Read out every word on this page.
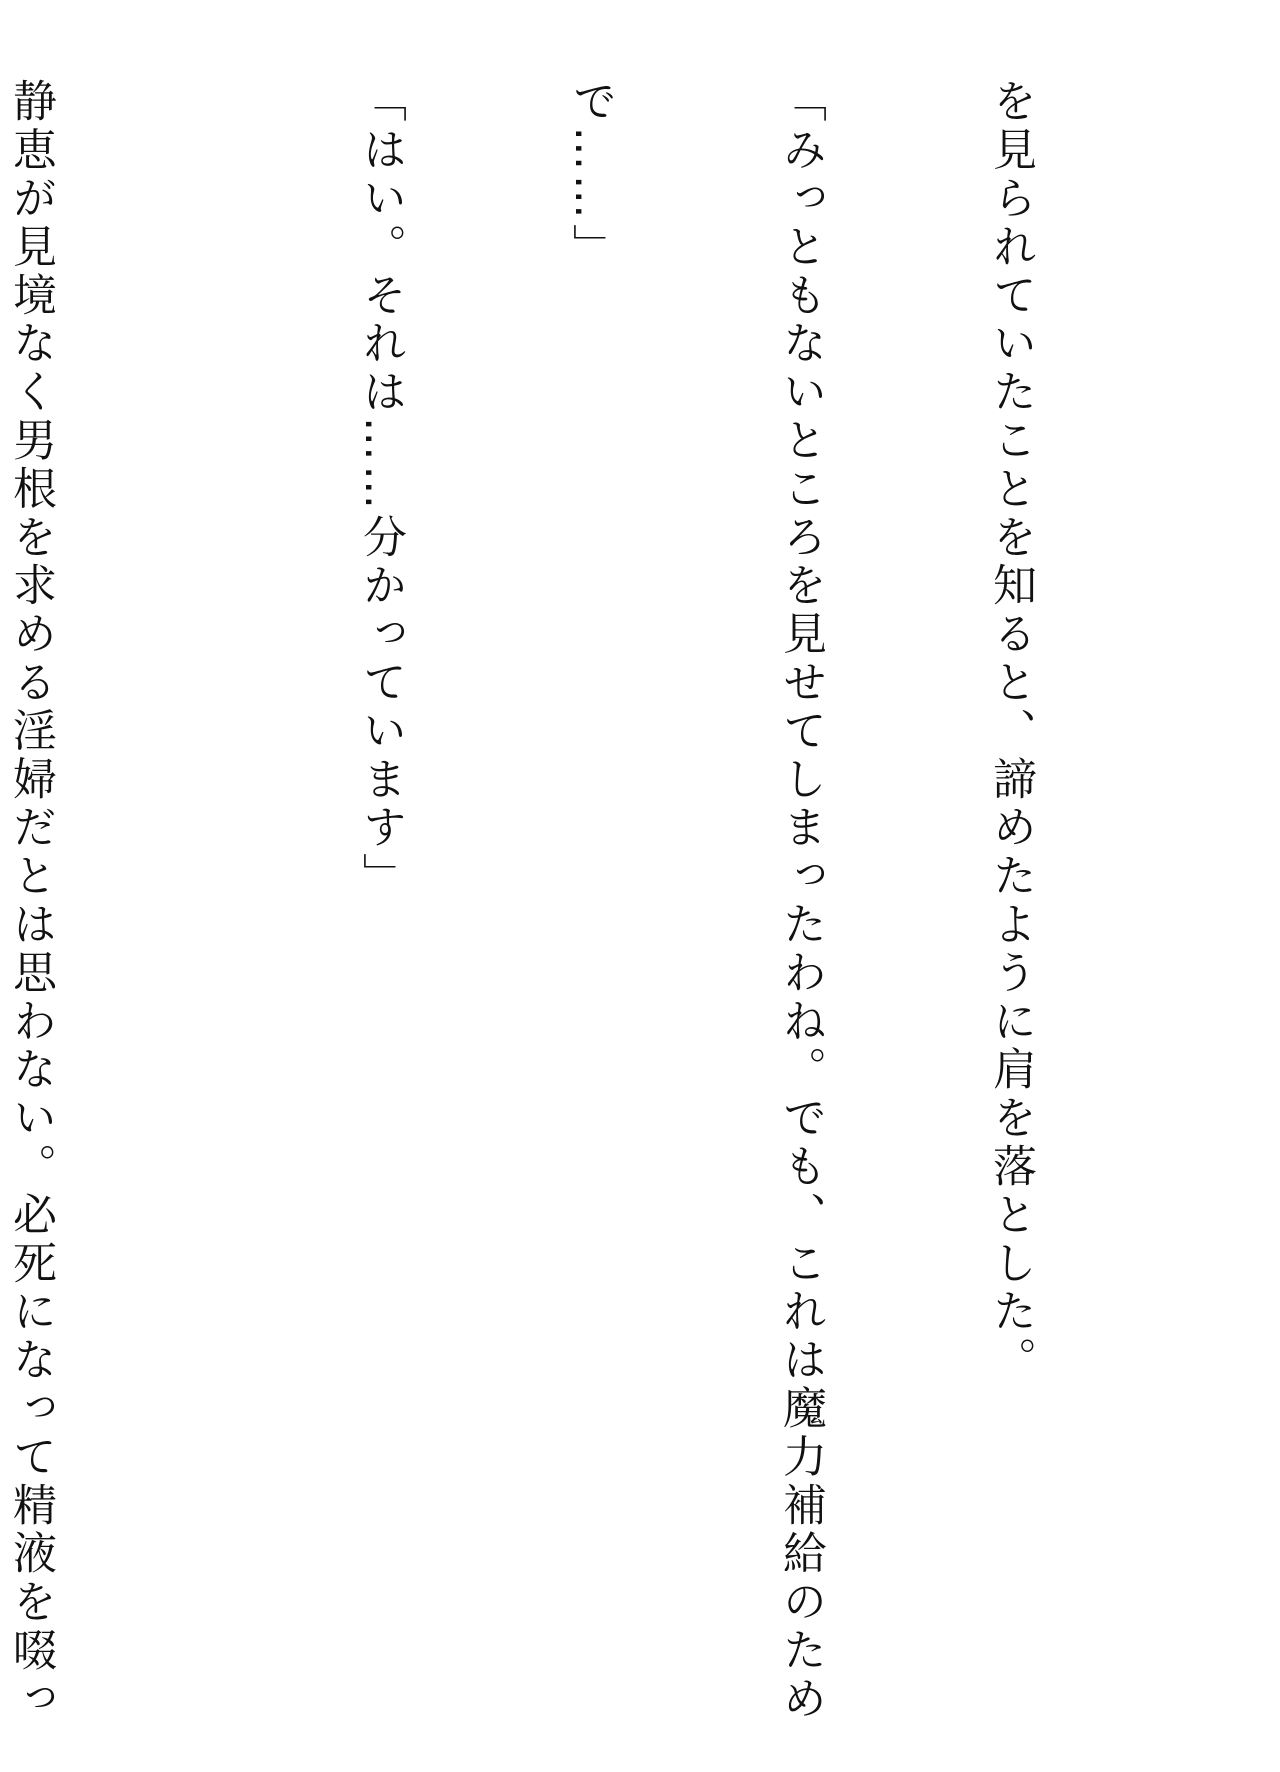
を見られていたことを知ると、諦めたように肩を落とした。

「みっともないところを見せてしまったわね。でも、これは魔力補給のため

で……」

「はい。それは……分かっています」

静恵が見境なく男根を求める淫婦だとは思わない。必死になって精液を啜っ
